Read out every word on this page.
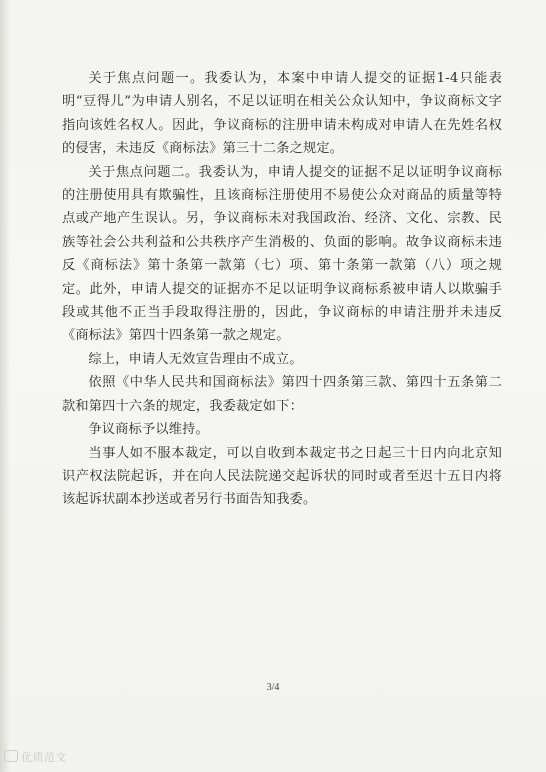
关于焦点问题一。我委认为，本案中申请人提交的证据1-4只能表明“豆得儿”为申请人别名，不足以证明在相关公众认知中，争议商标文字指向该姓名权人。因此，争议商标的注册申请未构成对申请人在先姓名权的侵害，未违反《商标法》第三十二条之规定。

关于焦点问题二。我委认为，申请人提交的证据不足以证明争议商标的注册使用具有欺骗性，且该商标注册使用不易使公众对商品的质量等特点或产地产生误认。另，争议商标未对我国政治、经济、文化、宗教、民族等社会公共利益和公共秩序产生消极的、负面的影响。故争议商标未违反《商标法》第十条第一款第（七）项、第十条第一款第（八）项之规定。此外，申请人提交的证据亦不足以证明争议商标系被申请人以欺骗手段或其他不正当手段取得注册的，因此，争议商标的申请注册并未违反《商标法》第四十四条第一款之规定。

综上，申请人无效宣告理由不成立。

依照《中华人民共和国商标法》第四十四条第三款、第四十五条第二款和第四十六条的规定，我委裁定如下：

争议商标予以维持。

当事人如不服本裁定，可以自收到本裁定书之日起三十日内向北京知识产权法院起诉，并在向人民法院递交起诉状的同时或者至迟十五日内将该起诉状副本抄送或者另行书面告知我委。

3/4
优质范文
